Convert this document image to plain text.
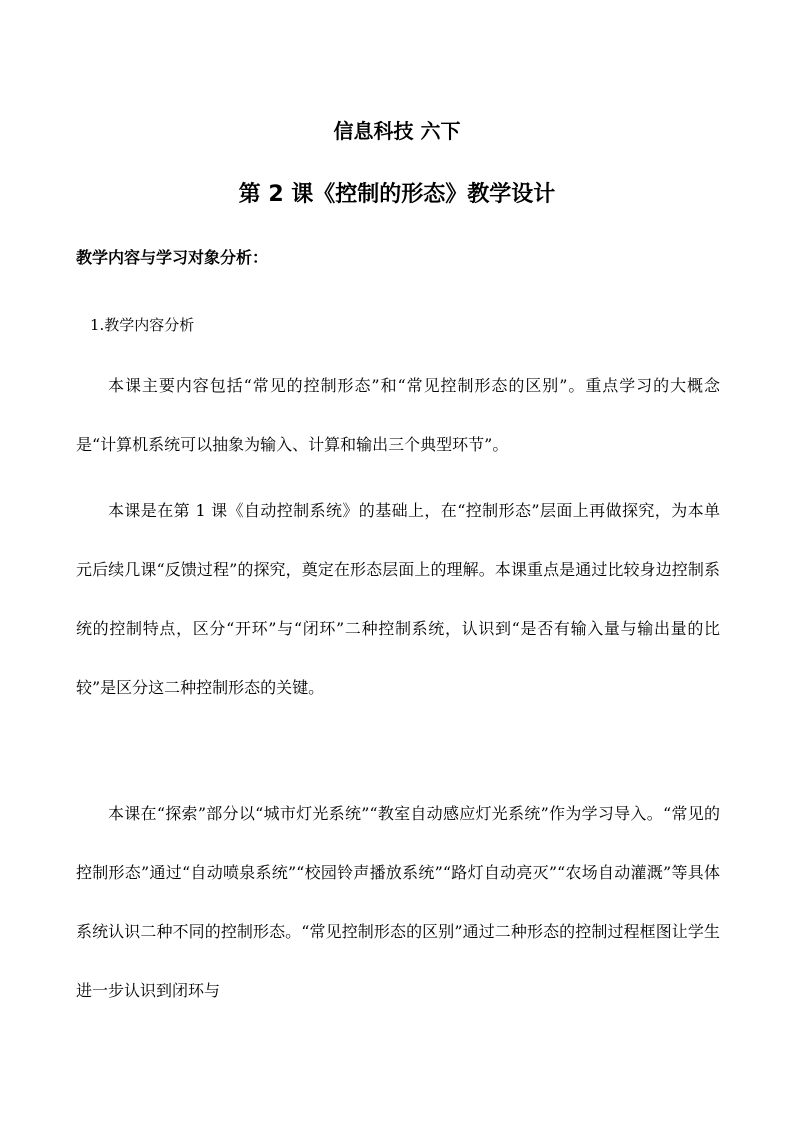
信息科技 六下
第 2 课《控制的形态》教学设计
教学内容与学习对象分析：
1.教学内容分析

本课主要内容包括“常见的控制形态”和“常见控制形态的区别”。重点学习的大概念是“计算机系统可以抽象为输入、计算和输出三个典型环节”。

本课是在第 1 课《自动控制系统》的基础上，在“控制形态”层面上再做探究，为本单元后续几课“反馈过程”的探究，奠定在形态层面上的理解。本课重点是通过比较身边控制系统的控制特点，区分“开环”与“闭环”二种控制系统，认识到“是否有输入量与输出量的比较”是区分这二种控制形态的关键。

本课在“探索”部分以“城市灯光系统”“教室自动感应灯光系统”作为学习导入。“常见的控制形态”通过“自动喷泉系统”“校园铃声播放系统”“路灯自动亮灭”“农场自动灌溉”等具体系统认识二种不同的控制形态。“常见控制形态的区别”通过二种形态的控制过程框图让学生进一步认识到闭环与
